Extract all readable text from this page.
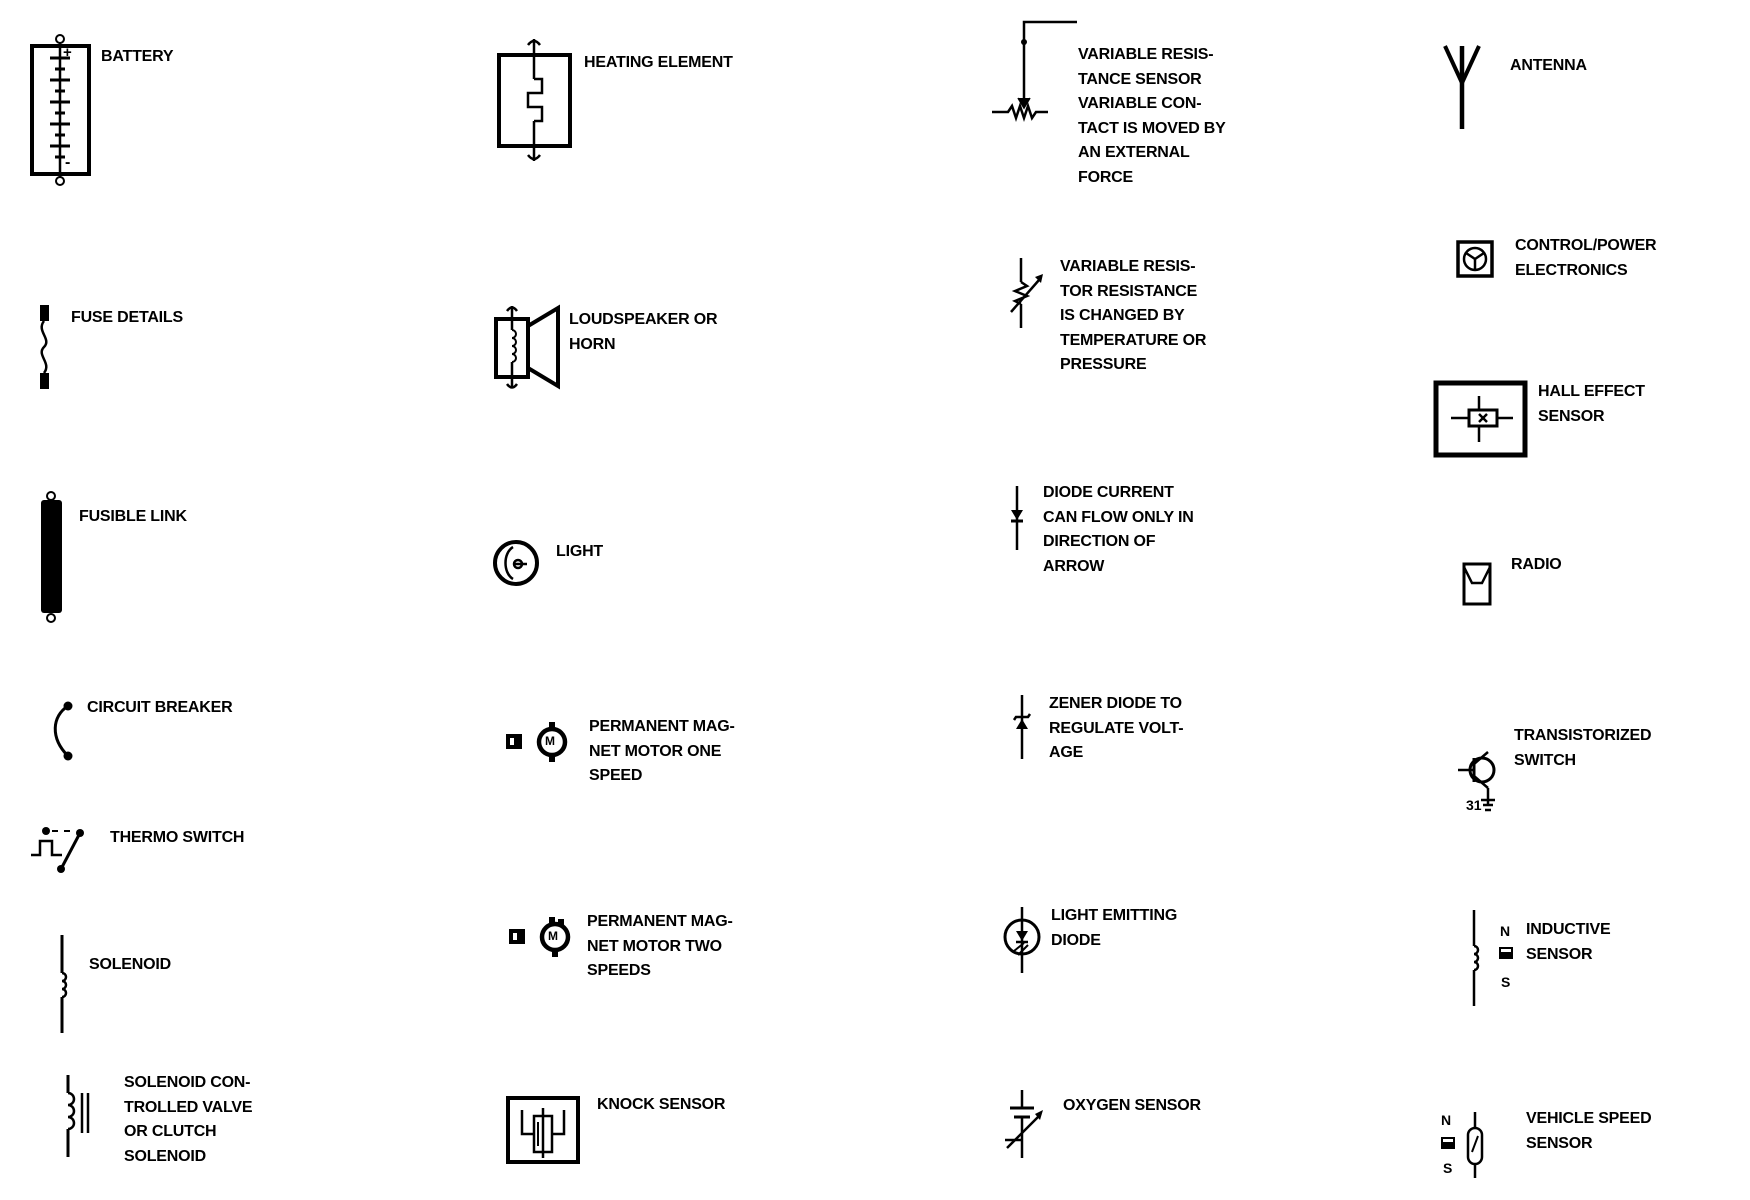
+
-
BATTERY
FUSE DETAILS
FUSIBLE LINK
CIRCUIT BREAKER
THERMO SWITCH
SOLENOID
SOLENOID CON-
TROLLED VALVE
OR CLUTCH
SOLENOID
HEATING ELEMENT
LOUDSPEAKER OR
HORN
LIGHT
M
PERMANENT MAG-
NET MOTOR ONE
SPEED
M
PERMANENT MAG-
NET MOTOR TWO
SPEEDS
KNOCK SENSOR
VARIABLE RESIS-
TANCE SENSOR
VARIABLE CON-
TACT IS MOVED BY
AN EXTERNAL
FORCE
VARIABLE RESIS-
TOR RESISTANCE
IS CHANGED BY
TEMPERATURE OR
PRESSURE
DIODE CURRENT
CAN FLOW ONLY IN
DIRECTION OF
ARROW
ZENER DIODE TO
REGULATE VOLT-
AGE
LIGHT EMITTING
DIODE
OXYGEN SENSOR
ANTENNA
CONTROL/POWER
ELECTRONICS
HALL EFFECT
SENSOR
RADIO
31
TRANSISTORIZED
SWITCH
N
S
INDUCTIVE
SENSOR
N
S
VEHICLE SPEED
SENSOR
